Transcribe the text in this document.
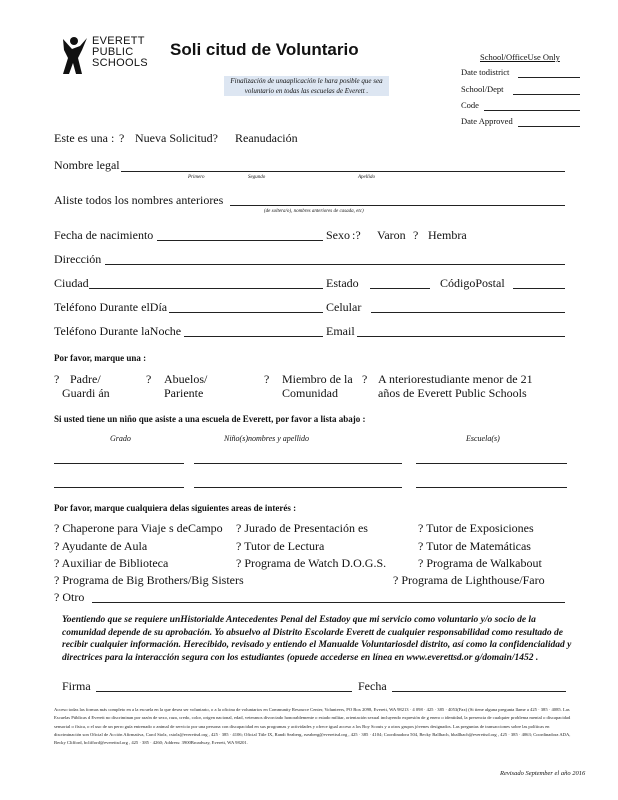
EVERETT
PUBLIC
SCHOOLS
Soli citud de Voluntario
Finalización de unaaplicación le hara posible que sea voluntario en todas las escuelas de Everett .
School/OfficeUse Only
Date todistrict
School/Dept
Code
Date Approved
Este es una : ? Nueva Solicitud? Reanudación
Nombre legal
Primero	Segundo	Apellido
Aliste todos los nombres anteriores
(de soltera/o), nombres anteriores de casada, etc)
Fecha de nacimiento	Sexo :? Varon ? Hembra
Dirección
Ciudad	Estado	CódigoPostal
Teléfono Durante elDía	Celular
Teléfono Durante laNoche	Email
Por favor, marque una :
? Padre/
Guardi án
? Abuelos/
Pariente
? Miembro de la
Comunidad
? A nteriorestudiante menor de 21
años de Everett Public Schools
Si usted tiene un niño que asiste a una escuela de Everett, por favor a lista abajo :
Grado	Niño(s)nombres y apellido	Escuela(s)
Por favor, marque cualquiera delas siguientes areas de interés :
? Chaperone para Viaje s deCampo ? Jurado de Presentación es	? Tutor de Exposiciones
? Ayudante de Aula	? Tutor de Lectura	? Tutor de Matemáticas
? Auxiliar de Biblioteca	? Programa de Watch D.O.G.S.	? Programa de Walkabout
? Programa de Big Brothers/Big Sisters	? Programa de Lighthouse/Faro
? Otro
Yoentiendo que se requiere unHistorialde Antecedentes Penal del Estadoy que mi servicio como voluntario y/o socio de la comunidad depende de su aprobación. Yo absuelvo al Distrito Escolarde Everett de cualquier responsabilidad como resultado de recibir cualquier información. Herecibido, revisado y entiendo el Manualde Voluntariosdel distrito, así como la confidencialidad y directrices para la interacción segura con los estudiantes (opuede accederse en línea en www.everettsd.or g/domain/1452 .
Firma	Fecha
Acceso todas las formas más completo en a la escuela en la que desea ser voluntario, o a la oficina de voluntarios en Community Resource Center, Volunteers, PO Box 2098, Everett, WA 98213 · 4 098 · 425 · 385 · 4053(Fax) (Si tiene alguna pregunta llame a 425 · 385 · 4085. Las Escuelas Públicas d Everett no discriminan por razón de sexo, raza, credo, color, origen nacional, edad, veteranos divorciado honorablemente o estado militar, orientación sexual incluyendo expresión de g enero o identidad, la presencia de cualquier problema mental o discapacidad sensorial o física, o el uso de un perro guía entrenado o animal de servicio por una persona con discapacidad en sus programas y actividades y ofrece igual acceso a los Boy Scouts y a otros grupos jóvenes designados. Las preguntas de transacciones sobre las políticas en discriminación son Oficial de Acción Afirmativa, Carol Stolz, cstolz@everettsd.org , 425 · 385 · 4106; Oficial Title IX, Randi Seaberg, rseaberg@everettsd.org , 425 · 385 · 4104; Coordinadora 504, Becky Ballbach, bballbach@everettsd.org , 425 · 385 · 4063; Coordinadora ADA, Becky Clifford, bclifford@everettsd.org , 425 · 385 · 4260; Address: 3900Broadway, Everett, WA 98201.
Revisado September el año 2016
